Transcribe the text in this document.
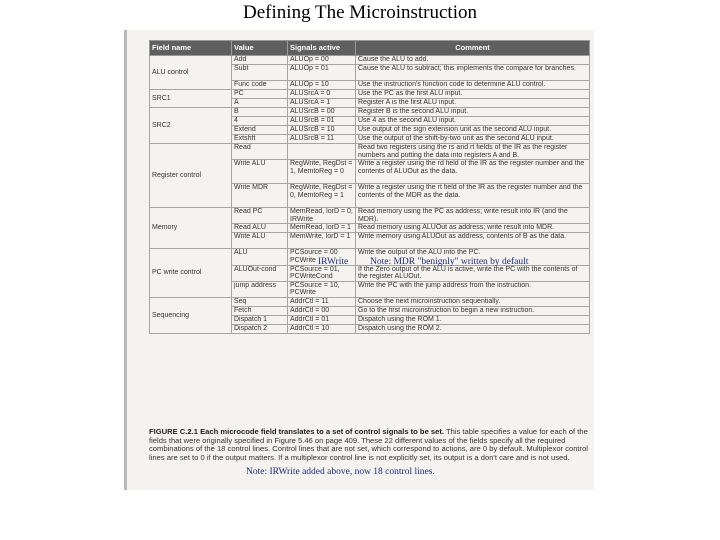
Defining The Microinstruction
Field name	Value	Signals active	Comment
ALU control	Add	ALUOp = 00	Cause the ALU to add.
	Subt	ALUOp = 01	Cause the ALU to subtract; this implements the compare for branches.
	Func code	ALUOp = 10	Use the instruction's function code to determine ALU control.
SRC1	PC	ALUSrcA = 0	Use the PC as the first ALU input.
	A	ALUSrcA = 1	Register A is the first ALU input.
SRC2	B	ALUSrcB = 00	Register B is the second ALU input.
	4	ALUSrcB = 01	Use 4 as the second ALU input.
	Extend	ALUSrcB = 10	Use output of the sign extension unit as the second ALU input.
	Extshft	ALUSrcB = 11	Use the output of the shift-by-two unit as the second ALU input.
Register control	Read		Read two registers using the rs and rt fields of the IR as the register numbers and putting the data into registers A and B.
	Write ALU	RegWrite, RegDst = 1, MemtoReg = 0	Write a register using the rd field of the IR as the register number and the contents of ALUOut as the data.
	Write MDR	RegWrite, RegDst = 0, MemtoReg = 1	Write a register using the rt field of the IR as the register number and the contents of the MDR as the data.
Memory	Read PC	MemRead, lorD = 0, IRWrite	Read memory using the PC as address; write result into IR (and the MDR).
	Read ALU	MemRead, lorD = 1	Read memory using ALUOut as address; write result into MDR.
	Write ALU	MemWrite, lorD = 1	Write memory using ALUOut as address, contents of B as the data.
PC write control	ALU	PCSource = 00 PCWrite	Write the output of the ALU into the PC.
	ALUOut-cond	PCSource = 01, PCWriteCond	If the Zero output of the ALU is active, write the PC with the contents of the register ALUOut.
	jump address	PCSource = 10, PCWrite	Write the PC with the jump address from the instruction.
Sequencing	Seq	AddrCtl = 11	Choose the next microinstruction sequentially.
	Fetch	AddrCtl = 00	Go to the first microinstruction to begin a new instruction.
	Dispatch 1	AddrCtl = 01	Dispatch using the ROM 1.
	Dispatch 2	AddrCtl = 10	Dispatch using the ROM 2.
FIGURE C.2.1 Each microcode field translates to a set of control signals to be set. This table specifies a value for each of the fields that were originally specified in Figure 5.46 on page 409. These 22 different values of the fields specify all the required combinations of the 18 control lines. Control lines that are not set, which correspond to actions, are 0 by default. Multiplexor control lines are set to 0 if the output matters. If a multiplexor control line is not explicitly set, its output is a don't care and is not used.
IRWrite Note: MDR "benignly" written by default
Note: IRWrite added above, now 18 control lines.
